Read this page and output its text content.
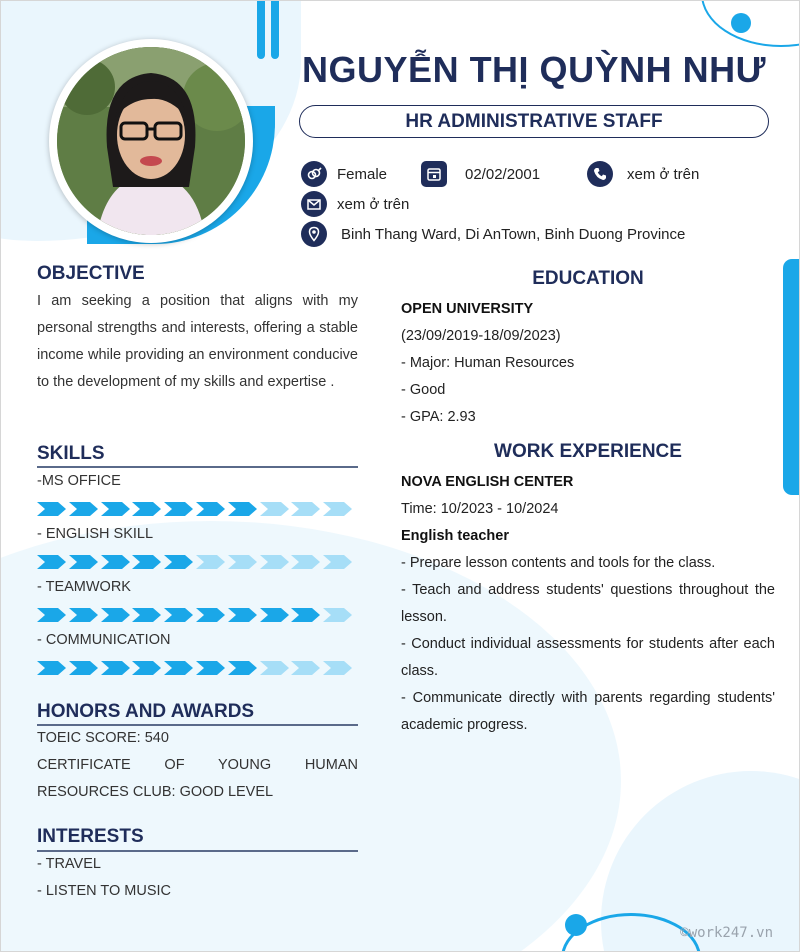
NGUYỄN THỊ QUỲNH NHƯ
HR ADMINISTRATIVE STAFF
Female	02/02/2001	xem ở trên
xem ở trên
Binh Thang Ward, Di AnTown, Binh Duong Province
OBJECTIVE
I am seeking a position that aligns with my personal strengths and interests, offering a stable income while providing an environment conducive to the development of my skills and expertise .
SKILLS
-MS OFFICE
- ENGLISH SKILL
- TEAMWORK
- COMMUNICATION
HONORS AND AWARDS
TOEIC SCORE: 540
CERTIFICATE OF YOUNG HUMAN RESOURCES CLUB: GOOD LEVEL
INTERESTS
- TRAVEL
- LISTEN TO MUSIC
EDUCATION
OPEN UNIVERSITY
(23/09/2019-18/09/2023)
- Major: Human Resources
- Good
- GPA: 2.93
WORK EXPERIENCE
NOVA ENGLISH CENTER
Time: 10/2023 - 10/2024
English teacher
- Prepare lesson contents and tools for the class.
- Teach and address students' questions throughout the lesson.
- Conduct individual assessments for students after each class.
- Communicate directly with parents regarding students' academic progress.
©work247.vn
